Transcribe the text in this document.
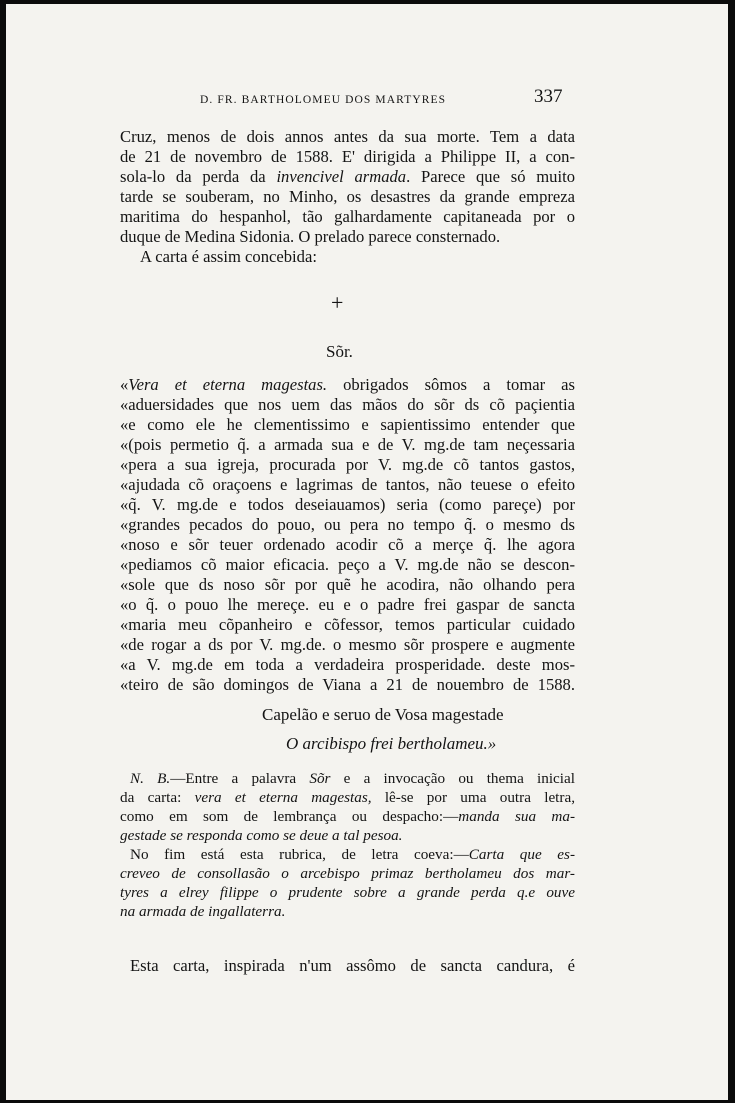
D. FR. BARTHOLOMEU DOS MARTYRES	337
Cruz, menos de dois annos antes da sua morte. Tem a data
de 21 de novembro de 1588. E' dirigida a Philippe II, a con-
sola-lo da perda da invencivel armada. Parece que só muito
tarde se souberam, no Minho, os desastres da grande empreza
maritima do hespanhol, tão galhardamente capitaneada por o
duque de Medina Sidonia. O prelado parece consternado.
A carta é assim concebida:
+
Sõr.
«Vera et eterna magestas. obrigados sômos a tomar as
«aduersidades que nos uem das mãos do sõr ds cõ paçientia
«e como ele he clementissimo e sapientissimo entender que
«(pois permetio q̃. a armada sua e de V. mg.de tam neçessaria
«pera a sua igreja, procurada por V. mg.de cõ tantos gastos,
«ajudada cõ oraçoens e lagrimas de tantos, não teuese o efeito
«q̃. V. mg.de e todos deseiauamos) seria (como pareçe) por
«grandes pecados do pouo, ou pera no tempo q̃. o mesmo ds
«noso e sõr teuer ordenado acodir cõ a merçe q̃. lhe agora
«pediamos cõ maior eficacia. peço a V. mg.de não se descon-
«sole que ds noso sõr por quẽ he acodira, não olhando pera
«o q̃. o pouo lhe mereçe. eu e o padre frei gaspar de sancta
«maria meu cõpanheiro e cõfessor, temos particular cuidado
«de rogar a ds por V. mg.de. o mesmo sõr prospere e augmente
«a V. mg.de em toda a verdadeira prosperidade. deste mos-
«teiro de são domingos de Viana a 21 de nouembro de 1588.
Capelão e seruo de Vosa magestade
O arcibispo frei bertholameu.»
N. B.—Entre a palavra Sõr e a invocação ou thema inicial
da carta: vera et eterna magestas, lê-se por uma outra letra,
como em som de lembrança ou despacho:—manda sua ma-
gestade se responda como se deue a tal pesoa.
No fim está esta rubrica, de letra coeva:—Carta que es-
creveo de consollasão o arcebispo primaz bertholameu dos mar-
tyres a elrey filippe o prudente sobre a grande perda q.e ouve
na armada de ingallaterra.
Esta carta, inspirada n'um assômo de sancta candura, é
